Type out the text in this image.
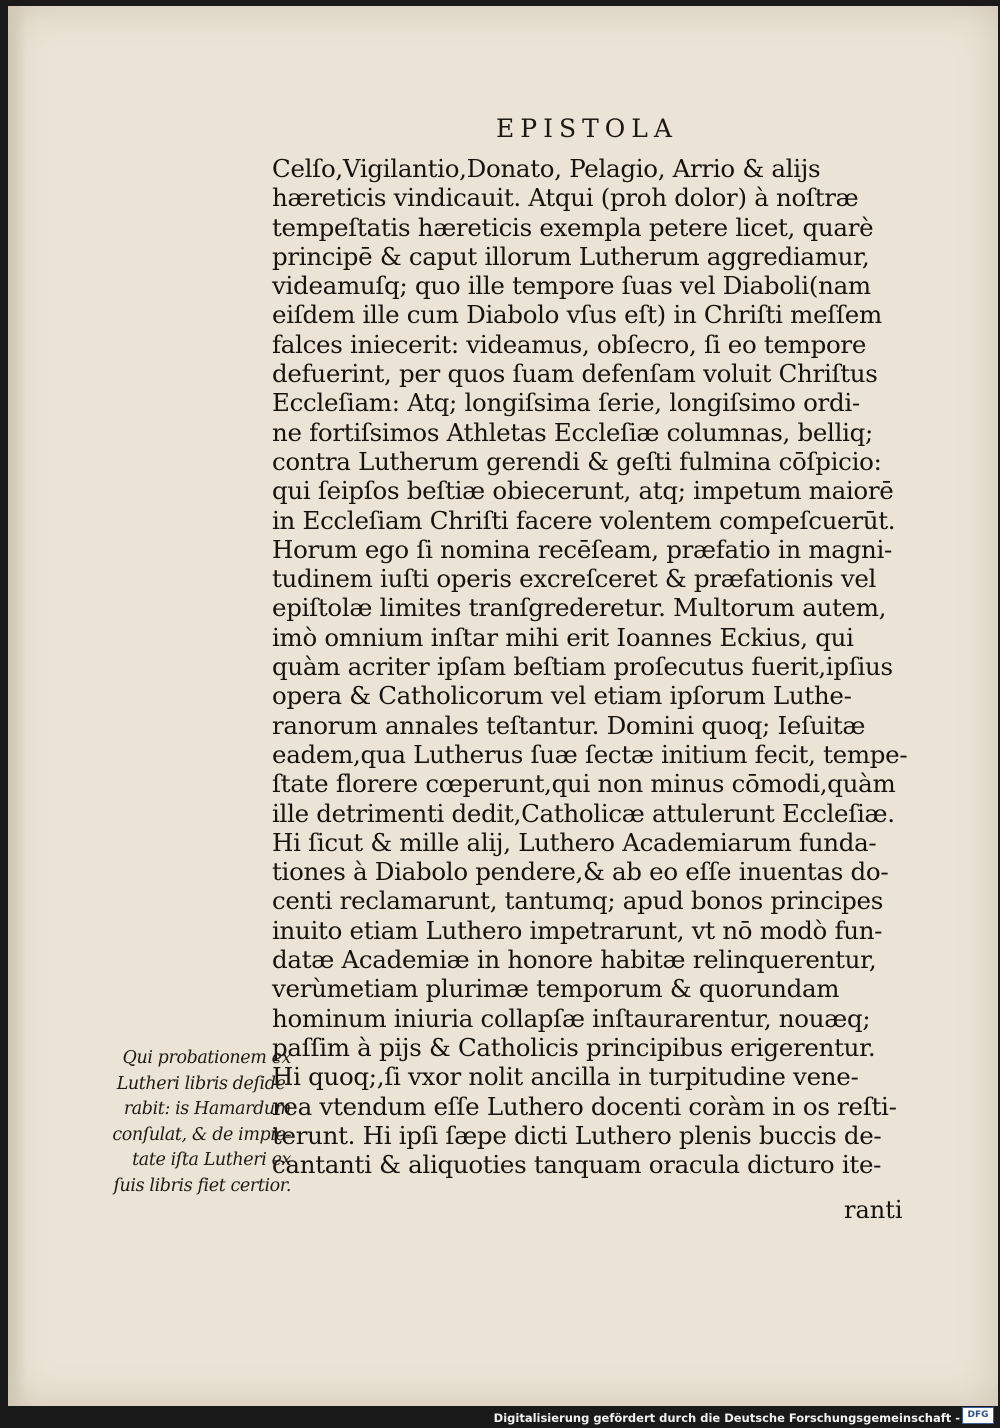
EPISTOLA
Celſo,Vigilantio,Donato, Pelagio, Arrio & alijs
hæreticis vindicauit. Atqui (proh dolor) à noſtræ
tempeſtatis hæreticis exempla petere licet, quarè
principē & caput illorum Lutherum aggrediamur,
videamuſq; quo ille tempore ſuas vel Diaboli(nam
eiſdem ille cum Diabolo vſus eſt) in Chriſti meſſem
falces iniecerit: videamus, obſecro, ſi eo tempore
defuerint, per quos ſuam defenſam voluit Chriſtus
Eccleſiam: Atq; longiſsima ſerie, longiſsimo ordi-
ne fortiſsimos Athletas Eccleſiæ columnas, belliq;
contra Lutherum gerendi & geſti fulmina cōſpicio:
qui ſeipſos beſtiæ obiecerunt, atq; impetum maiorē
in Eccleſiam Chriſti facere volentem compeſcuerūt.
Horum ego ſi nomina recēſeam, præfatio in magni-
tudinem iuſti operis excreſceret & præfationis vel
epiſtolæ limites tranſgrederetur. Multorum autem,
imò omnium inſtar mihi erit Ioannes Eckius, qui
quàm acriter ipſam beſtiam proſecutus fuerit,ipſius
opera & Catholicorum vel etiam ipſorum Luthe-
ranorum annales teſtantur. Domini quoq; Ieſuitæ
eadem,qua Lutherus ſuæ ſectæ initium fecit, tempe-
ſtate florere cœperunt,qui non minus cōmodi,quàm
ille detrimenti dedit,Catholicæ attulerunt Eccleſiæ.
Hi ſicut & mille alij, Luthero Academiarum funda-
tiones à Diabolo pendere,& ab eo eſſe inuentas do-
centi reclamarunt, tantumq; apud bonos principes
inuito etiam Luthero impetrarunt, vt nō modò fun-
datæ Academiæ in honore habitæ relinquerentur,
verùmetiam plurimæ temporum & quorundam
hominum iniuria collapſæ inſtaurarentur, nouæq;
paſſim à pijs & Catholicis principibus erigerentur.
Hi quoq;,ſi vxor nolit ancilla in turpitudine vene-
rea vtendum eſſe Luthero docenti coràm in os reſti-
terunt. Hi ipſi ſæpe dicti Luthero plenis buccis de-
cantanti & aliquoties tanquam oracula dicturo ite-
Qui probationem ex
Lutheri libris deſide-
rabit: is Hamardum
conſulat, & de impie-
tate iſta Lutheri ex
ſuis libris fiet certior.
ranti
Digitalisierung gefördert durch die Deutsche Forschungsgemeinschaft - DFG
